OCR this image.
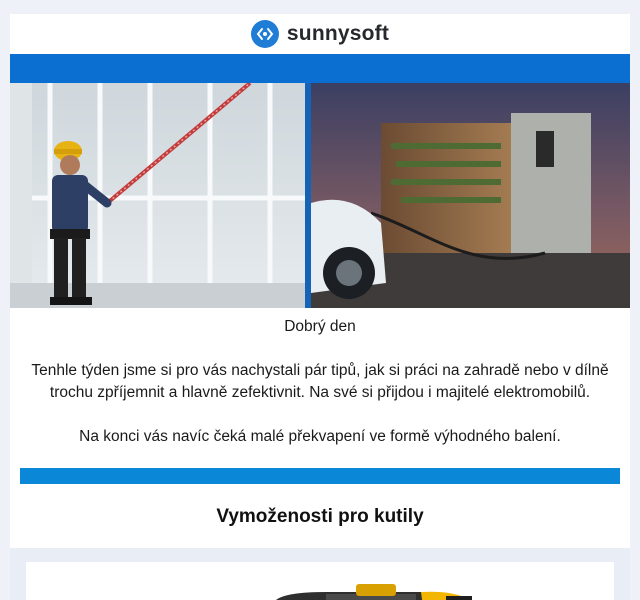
sunnysoft
Dobrý den
Tenhle týden jsme si pro vás nachystali pár tipů, jak si práci na zahradě nebo v dílně trochu zpříjemnit a hlavně zefektivnit. Na své si přijdou i majitelé elektromobilů.
Na konci vás navíc čeká malé překvapení ve formě výhodného balení.
Vymoženosti pro kutily
